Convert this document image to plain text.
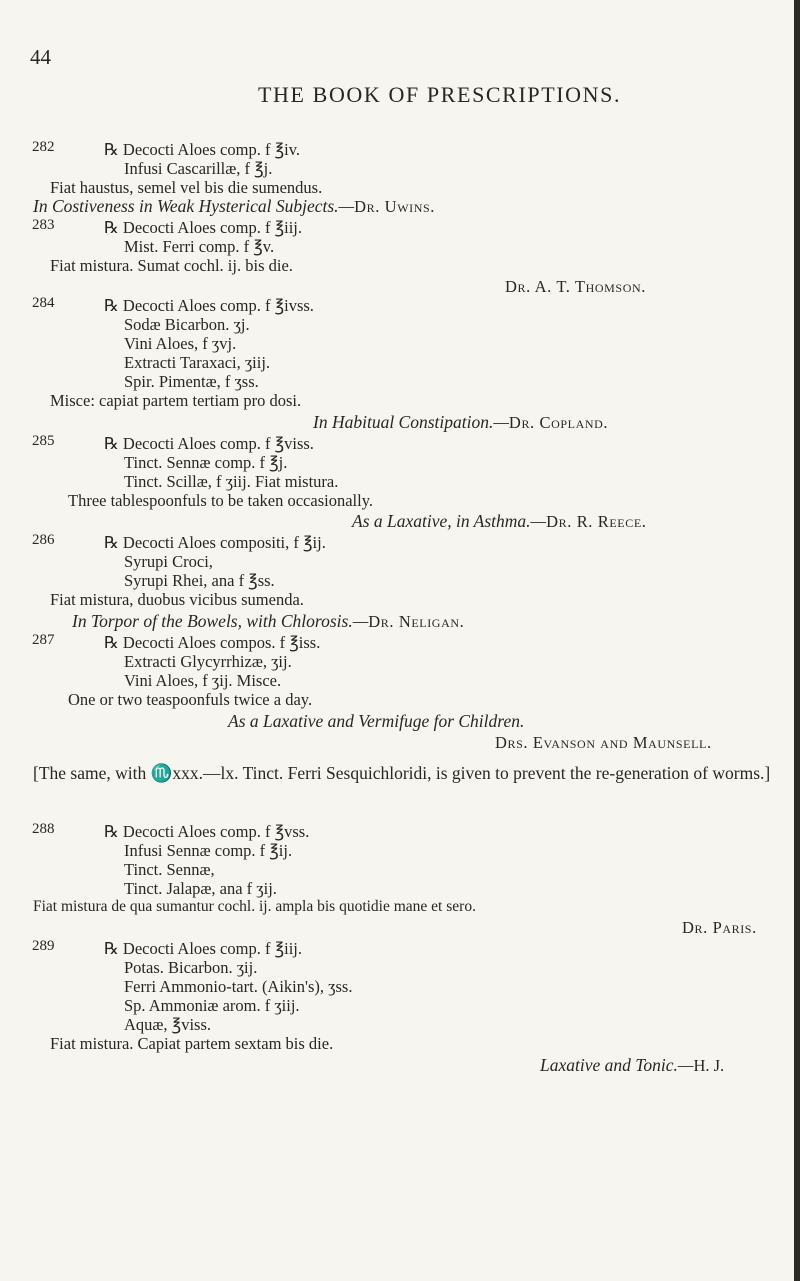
44
THE BOOK OF PRESCRIPTIONS.
282	℞ Decocti Aloes comp. f ℥iv.
Infusi Cascarillæ, f ℥j.
Fiat haustus, semel vel bis die sumendus.
In Costiveness in Weak Hysterical Subjects.—Dr. Uwins.
283	℞ Decocti Aloes comp. f ℥iij.
Mist. Ferri comp. f ℥v.
Fiat mistura. Sumat cochl. ij. bis die.
Dr. A. T. Thomson.
284	℞ Decocti Aloes comp. f ℥ivss.
Sodæ Bicarbon. ʒj.
Vini Aloes, f ʒvj.
Extracti Taraxaci, ʒiij.
Spir. Pimentæ, f ʒss.
Misce: capiat partem tertiam pro dosi.
In Habitual Constipation.—Dr. Copland.
285	℞ Decocti Aloes comp. f ℥viss.
Tinct. Sennæ comp. f ℥j.
Tinct. Scillæ, f ʒiij. Fiat mistura.
Three tablespoonfuls to be taken occasionally.
As a Laxative, in Asthma.—Dr. R. Reece.
286	℞ Decocti Aloes compositi, f ℥ij.
Syrupi Croci,
Syrupi Rhei, ana f ℥ss.
Fiat mistura, duobus vicibus sumenda.
In Torpor of the Bowels, with Chlorosis.—Dr. Neligan.
287	℞ Decocti Aloes compos. f ℥iss.
Extracti Glycyrrhizæ, ʒij.
Vini Aloes, f ʒij. Misce.
One or two teaspoonfuls twice a day.
As a Laxative and Vermifuge for Children.
Drs. Evanson and Maunsell.
[The same, with ♏xxx.—lx. Tinct. Ferri Sesquichloridi, is given to prevent the re-generation of worms.]
288	℞ Decocti Aloes comp. f ℥vss.
Infusi Sennæ comp. f ℥ij.
Tinct. Sennæ,
Tinct. Jalapæ, ana f ʒij.
Fiat mistura de qua sumantur cochl. ij. ampla bis quotidie mane et sero.
Dr. Paris.
289	℞ Decocti Aloes comp. f ℥iij.
Potas. Bicarbon. ʒij.
Ferri Ammonio-tart. (Aikin's), ʒss.
Sp. Ammoniæ arom. f ʒiij.
Aquæ, ℥viss.
Fiat mistura. Capiat partem sextam bis die.
Laxative and Tonic.—H. J.
